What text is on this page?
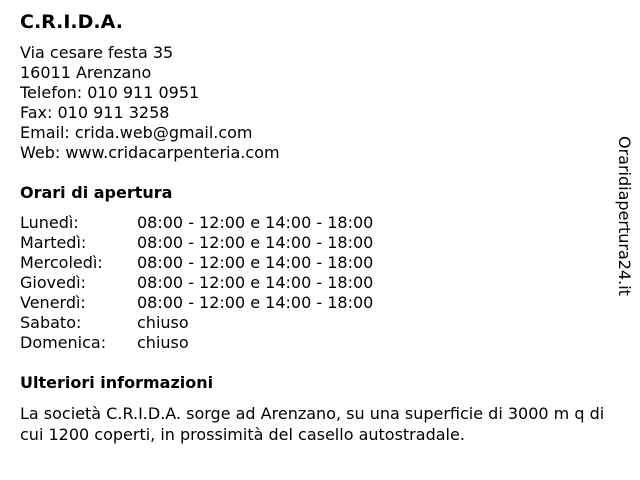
C.R.I.D.A.
Via cesare festa 35
16011 Arenzano
Telefon: 010 911 0951
Fax: 010 911 3258
Email: crida.web@gmail.com
Web: www.cridacarpenteria.com
Orari di apertura
Lunedì:	08:00 - 12:00 e 14:00 - 18:00
Martedì:	08:00 - 12:00 e 14:00 - 18:00
Mercoledì: 08:00 - 12:00 e 14:00 - 18:00
Giovedì:	08:00 - 12:00 e 14:00 - 18:00
Venerdì:	08:00 - 12:00 e 14:00 - 18:00
Sabato:	chiuso
Domenica: chiuso
Ulteriori informazioni

La società C.R.I.D.A. sorge ad Arenzano, su una superficie di 3000 m q di cui 1200 coperti, in prossimità del casello autostradale.

Oraridiapertura24.it
